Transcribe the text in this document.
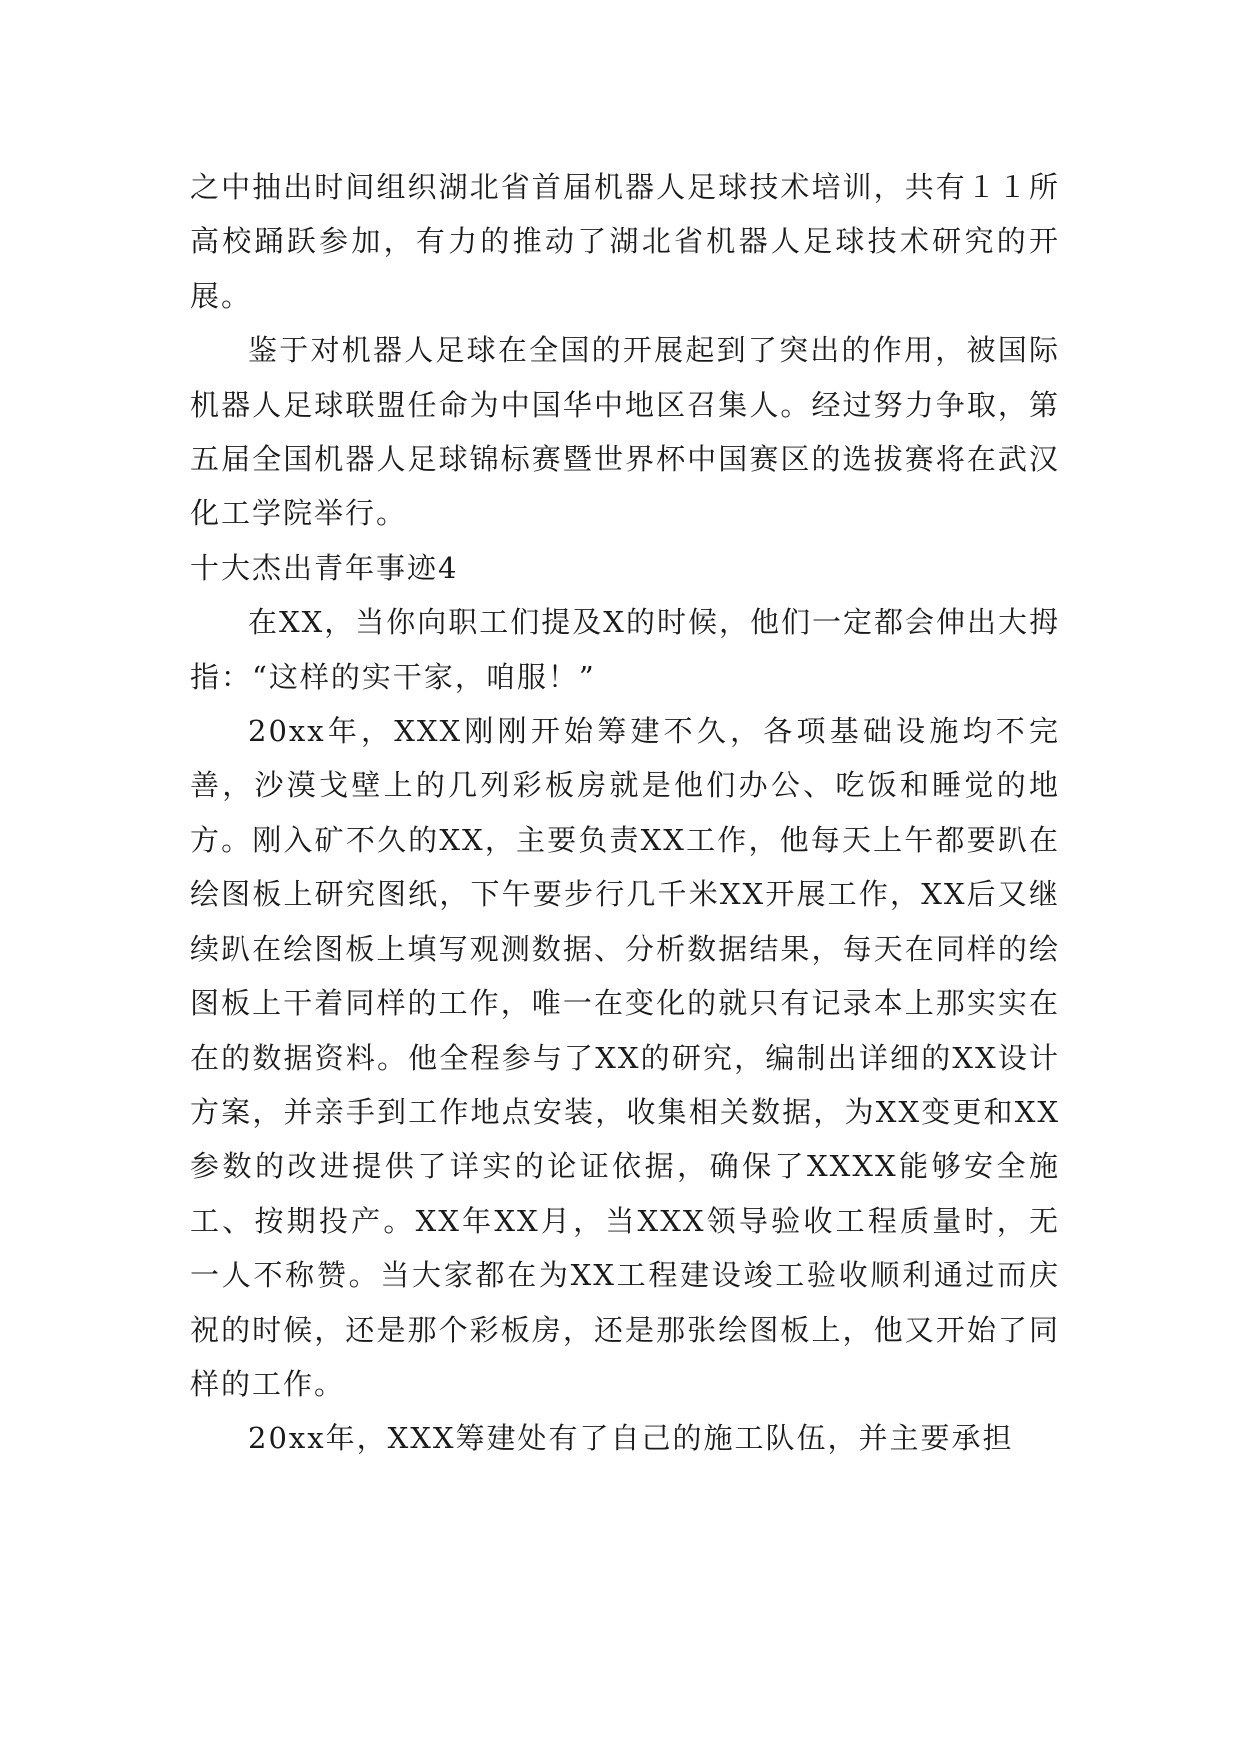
之中抽出时间组织湖北省首届机器人足球技术培训，共有１１所高校踊跃参加，有力的推动了湖北省机器人足球技术研究的开展。

鉴于对机器人足球在全国的开展起到了突出的作用，被国际机器人足球联盟任命为中国华中地区召集人。经过努力争取，第五届全国机器人足球锦标赛暨世界杯中国赛区的选拔赛将在武汉化工学院举行。

十大杰出青年事迹4

在XX，当你向职工们提及X的时候，他们一定都会伸出大拇指：“这样的实干家，咱服！”

20xx年，XXX刚刚开始筹建不久，各项基础设施均不完善，沙漠戈壁上的几列彩板房就是他们办公、吃饭和睡觉的地方。刚入矿不久的XX，主要负责XX工作，他每天上午都要趴在绘图板上研究图纸，下午要步行几千米XX开展工作，XX后又继续趴在绘图板上填写观测数据、分析数据结果，每天在同样的绘图板上干着同样的工作，唯一在变化的就只有记录本上那实实在在的数据资料。他全程参与了XX的研究，编制出详细的XX设计方案，并亲手到工作地点安装，收集相关数据，为XX变更和XX参数的改进提供了详实的论证依据，确保了XXXX能够安全施工、按期投产。XX年XX月，当XXX领导验收工程质量时，无一人不称赞。当大家都在为XX工程建设竣工验收顺利通过而庆祝的时候，还是那个彩板房，还是那张绘图板上，他又开始了同样的工作。

20xx年，XXX筹建处有了自己的施工队伍，并主要承担
